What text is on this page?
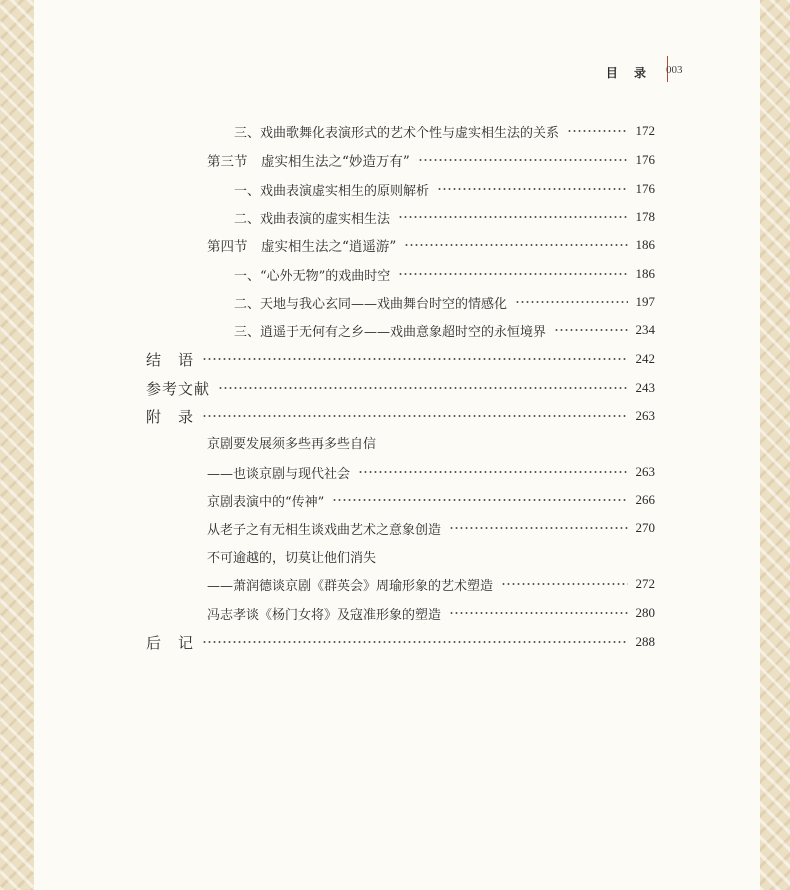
目 录 003
三、戏曲歌舞化表演形式的艺术个性与虚实相生法的关系	172
第三节　虚实相生法之“妙造万有”	176
一、戏曲表演虚实相生的原则解析	176
二、戏曲表演的虚实相生法	178
第四节　虚实相生法之“逍遥游”	186
一、“心外无物”的戏曲时空	186
二、天地与我心玄同——戏曲舞台时空的情感化	197
三、逍遥于无何有之乡——戏曲意象超时空的永恒境界	234
结　语	242
参考文献	243
附　录	263
京剧要发展须多些再多些自信
——也谈京剧与现代社会	263
京剧表演中的“传神”	266
从老子之有无相生谈戏曲艺术之意象创造	270
不可逾越的，切莫让他们消失
——萧润德谈京剧《群英会》周瑜形象的艺术塑造	272
冯志孝谈《杨门女将》及寇准形象的塑造	280
后　记	288
